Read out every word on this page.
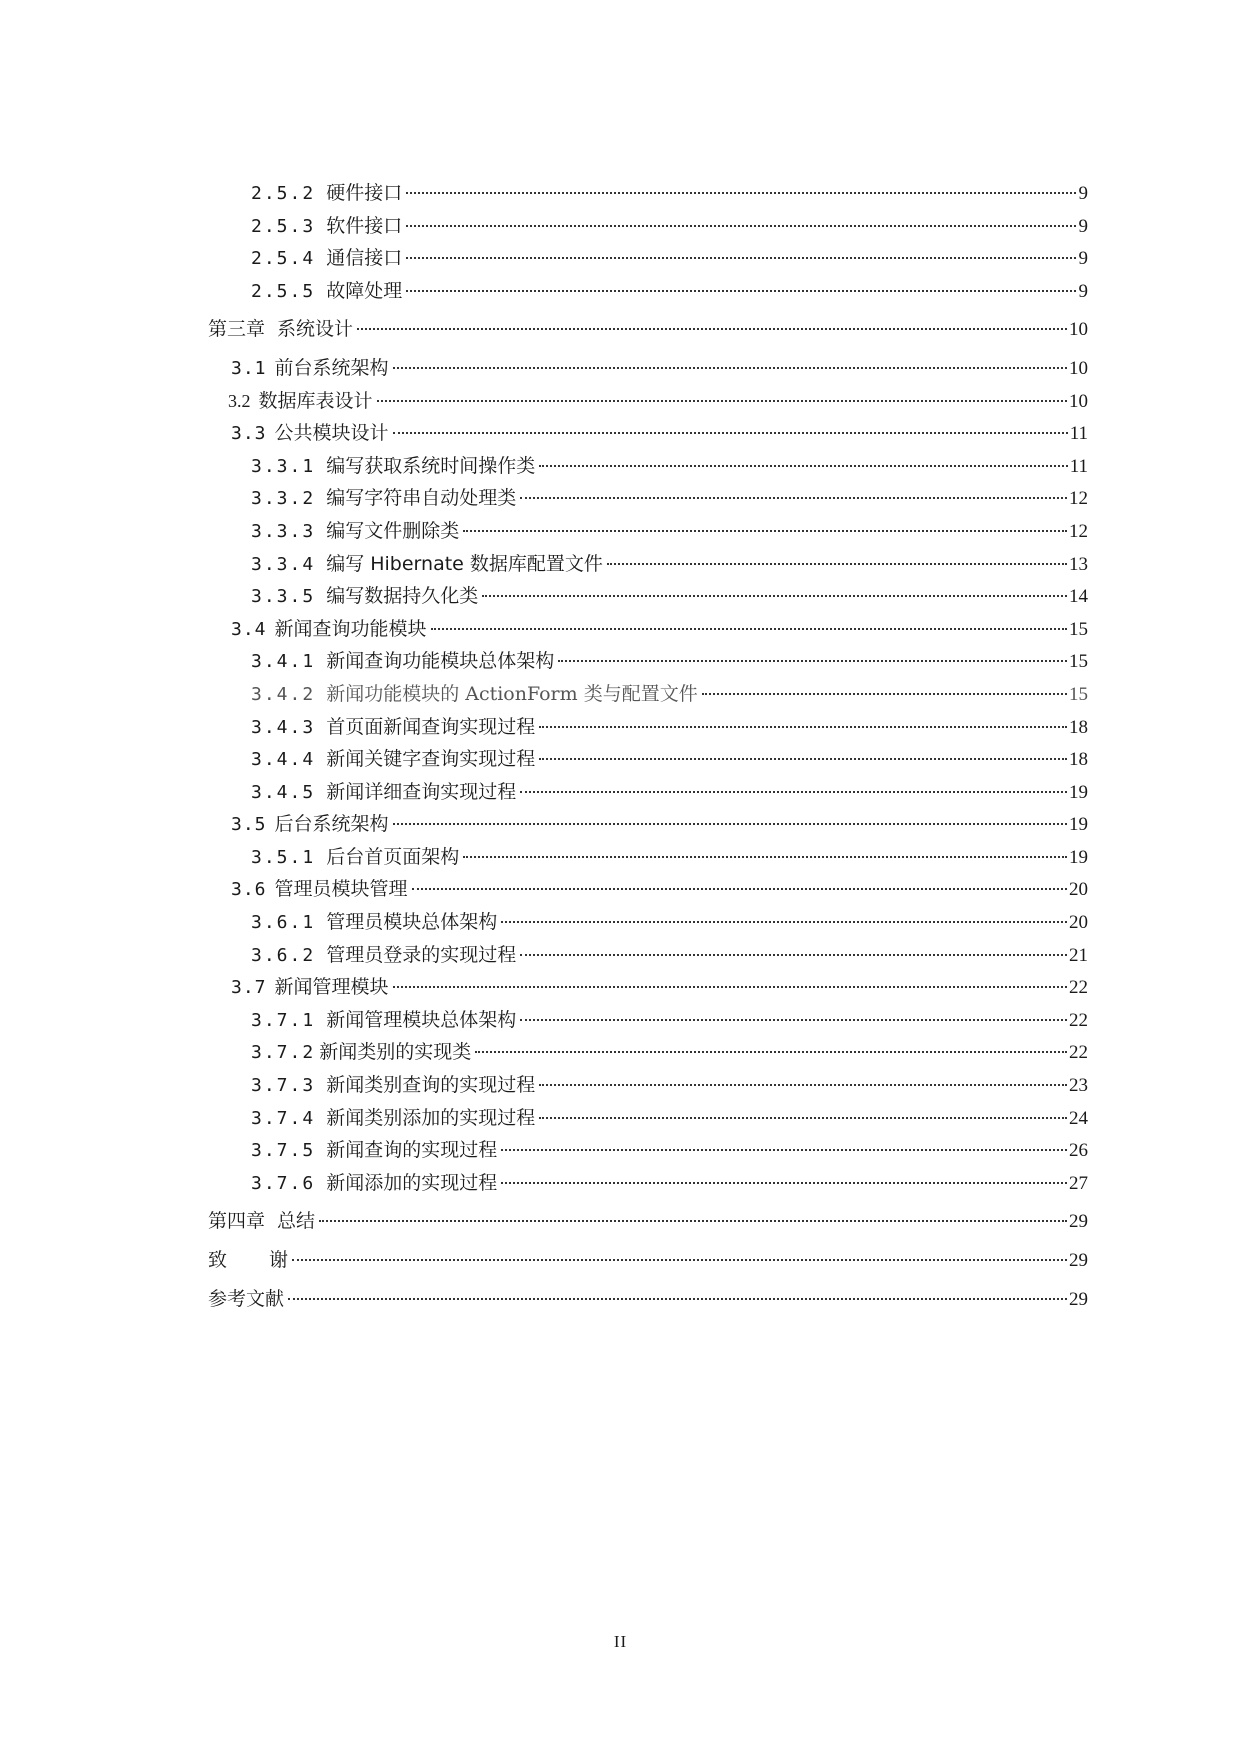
2.5.2 硬件接口	9
2.5.3 软件接口	9
2.5.4 通信接口	9
2.5.5 故障处理	9
第三章 系统设计	10
3.1 前台系统架构	10
3.2 数据库表设计	10
3.3 公共模块设计	11
3.3.1 编写获取系统时间操作类	11
3.3.2 编写字符串自动处理类	12
3.3.3 编写文件删除类	12
3.3.4 编写 Hibernate 数据库配置文件	13
3.3.5 编写数据持久化类	14
3.4 新闻查询功能模块	15
3.4.1 新闻查询功能模块总体架构	15
3.4.2 新闻功能模块的 ActionForm 类与配置文件	15
3.4.3 首页面新闻查询实现过程	18
3.4.4 新闻关键字查询实现过程	18
3.4.5 新闻详细查询实现过程	19
3.5 后台系统架构	19
3.5.1 后台首页面架构	19
3.6 管理员模块管理	20
3.6.1 管理员模块总体架构	20
3.6.2 管理员登录的实现过程	21
3.7 新闻管理模块	22
3.7.1 新闻管理模块总体架构	22
3.7.2 新闻类别的实现类	22
3.7.3 新闻类别查询的实现过程	23
3.7.4 新闻类别添加的实现过程	24
3.7.5 新闻查询的实现过程	26
3.7.6 新闻添加的实现过程	27
第四章 总结	29
致 谢	29
参考文献	29
II
